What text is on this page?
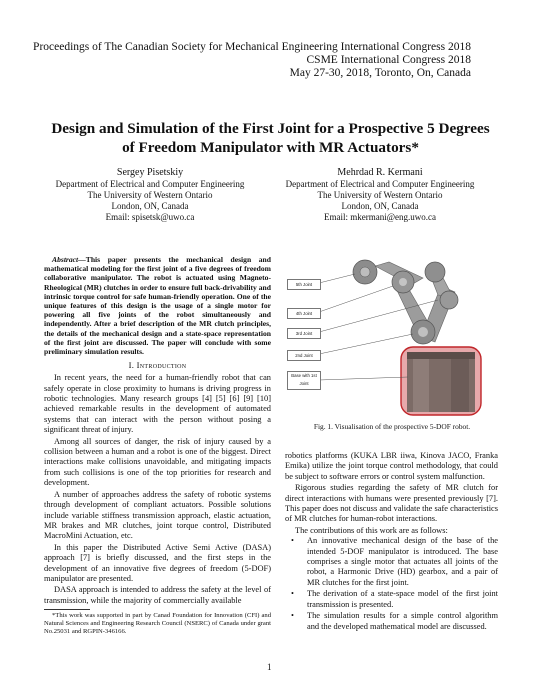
Proceedings of The Canadian Society for Mechanical Engineering International Congress 2018
CSME International Congress 2018
May 27-30, 2018, Toronto, On, Canada
Design and Simulation of the First Joint for a Prospective 5 Degrees
of Freedom Manipulator with MR Actuators*
Sergey Pisetskiy
Department of Electrical and Computer Engineering
The University of Western Ontario
London, ON, Canada
Email: spisetsk@uwo.ca
Mehrdad R. Kermani
Department of Electrical and Computer Engineering
The University of Western Ontario
London, ON, Canada
Email: mkermani@eng.uwo.ca
Abstract—This paper presents the mechanical design and mathematical modeling for the first joint of a five degrees of freedom collaborative manipulator. The robot is actuated using Magneto-Rheological (MR) clutches in order to ensure full back-drivability and intrinsic torque control for safe human-friendly operation. One of the unique features of this design is the usage of a single motor for powering all five joints of the robot simultaneously and independently. After a brief description of the MR clutch principles, the details of the mechanical design and a state-space representation of the first joint are discussed. The paper will conclude with some preliminary simulation results.
I. Introduction

In recent years, the need for a human-friendly robot that can safely operate in close proximity to humans is driving progress in robotic technologies. Many research groups [4] [5] [6] [9] [10] achieved remarkable results in the development of automated systems that can interact with the person without posing a significant threat of injury.

Among all sources of danger, the risk of injury caused by a collision between a human and a robot is one of the biggest. Direct interactions make collisions unavoidable, and mitigating impacts from such collisions is one of the top priorities for research and development.

A number of approaches address the safety of robotic systems through development of compliant actuators. Possible solutions include variable stiffness transmission approach, elastic actuation, MR brakes and MR clutches, joint torque control, Distributed MacroMini Actuation, etc.

In this paper the Distributed Active Semi Active (DASA) approach [7] is briefly discussed, and the first steps in the development of an innovative five degrees of freedom (5-DOF) manipulator are presented.

DASA approach is intended to address the safety at the level of transmission, while the majority of commercially available

*This work was supported in part by Canad Foundation for Innovation (CFI) and Natural Sciences and Engineering Research Council (NSERC) of Canada under grant No.25031 and RGPIN-346166.
5th Joint
4th Joint
3rd Joint
2nd Joint
Base with 1st Joint
Fig. 1. Visualisation of the prospective 5-DOF robot.

robotics platforms (KUKA LBR iiwa, Kinova JACO, Franka Emika) utilize the joint torque control methodology, that could be subject to software errors or control system malfunction.

Rigorous studies regarding the safety of MR clutch for direct interactions with humans were presented previously [7]. This paper does not discuss and validate the safe characteristics of MR clutches for human-robot interactions.

The contributions of this work are as follows:

• An innovative mechanical design of the base of the intended 5-DOF manipulator is introduced. The base comprises a single motor that actuates all joints of the robot, a Harmonic Drive (HD) gearbox, and a pair of MR clutches for the first joint.
• The derivation of a state-space model of the first joint transmission is presented.
• The simulation results for a simple control algorithm and the developed mathematical model are discussed.
1
